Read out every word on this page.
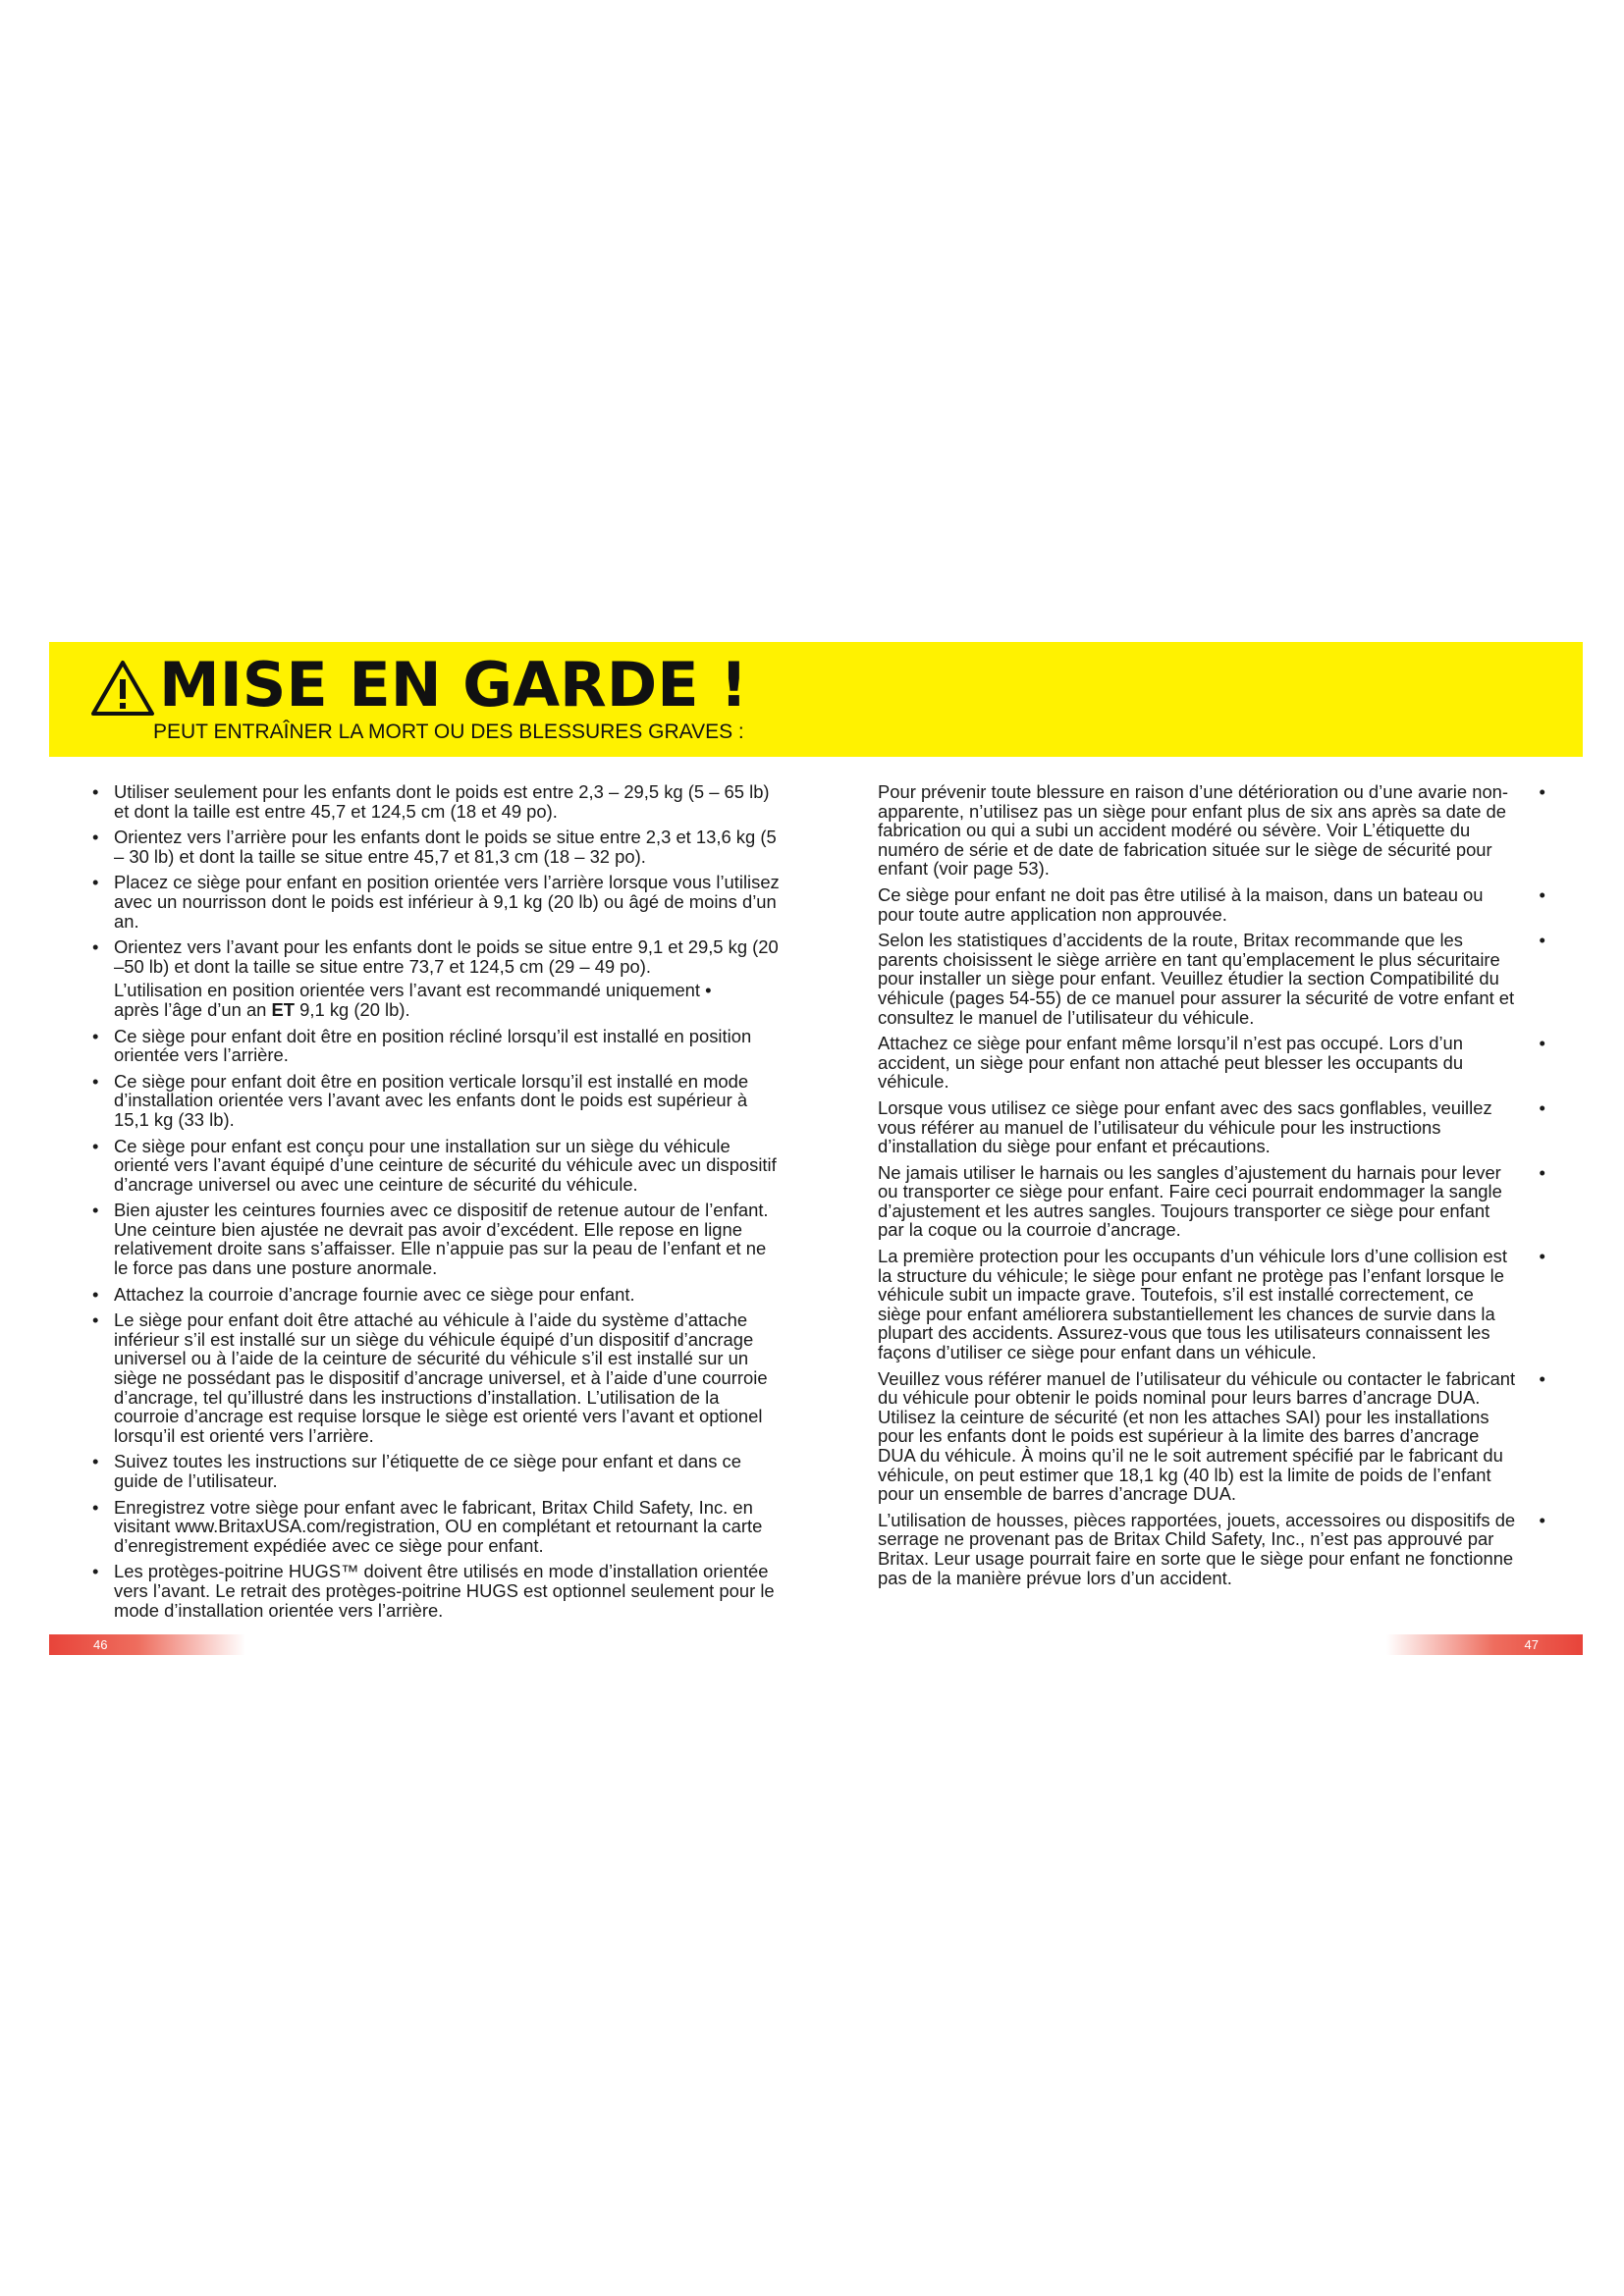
MISE EN GARDE !
PEUT ENTRAÎNER LA MORT OU DES BLESSURES GRAVES :
• Utiliser seulement pour les enfants dont le poids est entre 2,3 – 29,5 kg (5 – 65 lb) et dont la taille est entre 45,7 et 124,5 cm (18 et 49 po).
• Orientez vers l’arrière pour les enfants dont le poids se situe entre 2,3 et 13,6 kg (5 – 30 lb) et dont la taille se situe entre 45,7 et 81,3 cm (18 – 32 po).
• Placez ce siège pour enfant en position orientée vers l’arrière lorsque vous l’utilisez avec un nourrisson dont le poids est inférieur à 9,1 kg (20 lb) ou âgé de moins d’un an.
• Orientez vers l’avant pour les enfants dont le poids se situe entre 9,1 et 29,5 kg (20 –50 lb) et dont la taille se situe entre 73,7 et 124,5 cm (29 – 49 po).
L’utilisation en position orientée vers l’avant est recommandé uniquement •
après l’âge d’un an ET 9,1 kg (20 lb).
• Ce siège pour enfant doit être en position récliné lorsqu’il est installé en position orientée vers l’arrière.
• Ce siège pour enfant doit être en position verticale lorsqu’il est installé en mode d’installation orientée vers l’avant avec les enfants dont le poids est supérieur à 15,1 kg (33 lb).
• Ce siège pour enfant est conçu pour une installation sur un siège du véhicule orienté vers l’avant équipé d’une ceinture de sécurité du véhicule avec un dispositif d’ancrage universel ou avec une ceinture de sécurité du véhicule.
• Bien ajuster les ceintures fournies avec ce dispositif de retenue autour de l’enfant. Une ceinture bien ajustée ne devrait pas avoir d’excédent. Elle repose en ligne relativement droite sans s’affaisser. Elle n’appuie pas sur la peau de l’enfant et ne le force pas dans une posture anormale.
• Attachez la courroie d’ancrage fournie avec ce siège pour enfant.
• Le siège pour enfant doit être attaché au véhicule à l’aide du système d’attache inférieur s’il est installé sur un siège du véhicule équipé d’un dispositif d’ancrage universel ou à l’aide de la ceinture de sécurité du véhicule s’il est installé sur un siège ne possédant pas le dispositif d’ancrage universel, et à l’aide d’une courroie d’ancrage, tel qu’illustré dans les instructions d’installation. L’utilisation de la courroie d’ancrage est requise lorsque le siège est orienté vers l’avant et optionel lorsqu’il est orienté vers l’arrière.
• Suivez toutes les instructions sur l’étiquette de ce siège pour enfant et dans ce guide de l’utilisateur.
• Enregistrez votre siège pour enfant avec le fabricant, Britax Child Safety, Inc. en visitant www.BritaxUSA.com/registration, OU en complétant et retournant la carte d’enregistrement expédiée avec ce siège pour enfant.
• Les protèges-poitrine HUGS™ doivent être utilisés en mode d’installation orientée vers l’avant. Le retrait des protèges-poitrine HUGS est optionnel seulement pour le mode d’installation orientée vers l’arrière.
Pour prévenir toute blessure en raison d’une détérioration ou d’une avarie non-apparente, n’utilisez pas un siège pour enfant plus de six ans après sa date de fabrication ou qui a subi un accident modéré ou sévère. Voir L’étiquette du numéro de série et de date de fabrication située sur le siège de sécurité pour enfant (voir page 53).
•
Ce siège pour enfant ne doit pas être utilisé à la maison, dans un bateau ou pour toute autre application non approuvée.
•
Selon les statistiques d’accidents de la route, Britax recommande que les parents choisissent le siège arrière en tant qu’emplacement le plus sécuritaire pour installer un siège pour enfant. Veuillez étudier la section Compatibilité du véhicule (pages 54-55) de ce manuel pour assurer la sécurité de votre enfant et consultez le manuel de l’utilisateur du véhicule.
•
Attachez ce siège pour enfant même lorsqu’il n’est pas occupé. Lors d’un accident, un siège pour enfant non attaché peut blesser les occupants du véhicule.
•
Lorsque vous utilisez ce siège pour enfant avec des sacs gonflables, veuillez vous référer au manuel de l’utilisateur du véhicule pour les instructions d’installation du siège pour enfant et précautions.
•
Ne jamais utiliser le harnais ou les sangles d’ajustement du harnais pour lever ou transporter ce siège pour enfant. Faire ceci pourrait endommager la sangle d’ajustement et les autres sangles. Toujours transporter ce siège pour enfant par la coque ou la courroie d’ancrage.
•
La première protection pour les occupants d’un véhicule lors d’une collision est la structure du véhicule; le siège pour enfant ne protège pas l’enfant lorsque le véhicule subit un impacte grave. Toutefois, s’il est installé correctement, ce siège pour enfant améliorera substantiellement les chances de survie dans la plupart des accidents. Assurez-vous que tous les utilisateurs connaissent les façons d’utiliser ce siège pour enfant dans un véhicule.
•
Veuillez vous référer manuel de l’utilisateur du véhicule ou contacter le fabricant du véhicule pour obtenir le poids nominal pour leurs barres d’ancrage DUA. Utilisez la ceinture de sécurité (et non les attaches SAI) pour les installations pour les enfants dont le poids est supérieur à la limite des barres d’ancrage DUA du véhicule. À moins qu’il ne le soit autrement spécifié par le fabricant du véhicule, on peut estimer que 18,1 kg (40 lb) est la limite de poids de l’enfant pour un ensemble de barres d’ancrage DUA.
•
L’utilisation de housses, pièces rapportées, jouets, accessoires ou dispositifs de serrage ne provenant pas de Britax Child Safety, Inc., n’est pas approuvé par Britax. Leur usage pourrait faire en sorte que le siège pour enfant ne fonctionne pas de la manière prévue lors d’un accident.
•
46	47
